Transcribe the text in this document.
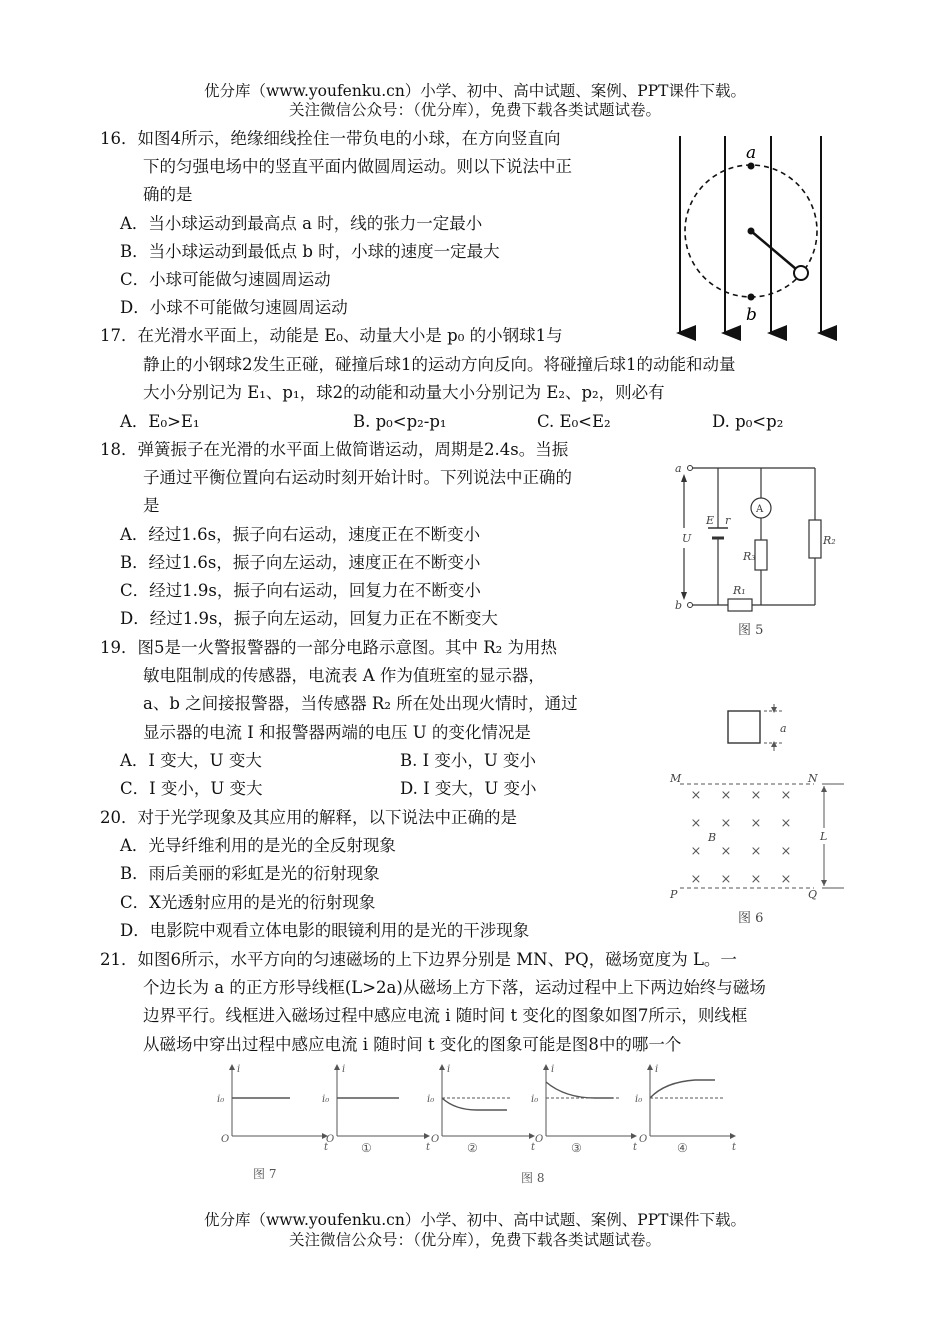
优分库（www.youfenku.cn）小学、初中、高中试题、案例、PPT课件下载。
关注微信公众号：（优分库），免费下载各类试题试卷。
16．如图4所示，绝缘细线拴住一带负电的小球，在方向竖直向
下的匀强电场中的竖直平面内做圆周运动。则以下说法中正
确的是
A．当小球运动到最高点 a 时，线的张力一定最小
B．当小球运动到最低点 b 时，小球的速度一定最大
C．小球可能做匀速圆周运动
D．小球不可能做匀速圆周运动
17．在光滑水平面上，动能是 E₀、动量大小是 p₀ 的小钢球1与
静止的小钢球2发生正碰，碰撞后球1的运动方向反向。将碰撞后球1的动能和动量
大小分别记为 E₁、p₁，球2的动能和动量大小分别记为 E₂、p₂，则必有
A．E₀>E₁	B. p₀<p₂-p₁	C. E₀<E₂	D. p₀<p₂
18．弹簧振子在光滑的水平面上做简谐运动，周期是2.4s。当振
子通过平衡位置向右运动时刻开始计时。下列说法中正确的
是
A．经过1.6s，振子向右运动，速度正在不断变小
B．经过1.6s，振子向左运动，速度正在不断变小
C．经过1.9s，振子向右运动，回复力在不断变小
D．经过1.9s，振子向左运动，回复力正在不断变大
19．图5是一火警报警器的一部分电路示意图。其中 R₂ 为用热
敏电阻制成的传感器，电流表 A 作为值班室的显示器，
a、b 之间接报警器，当传感器 R₂ 所在处出现火情时，通过
显示器的电流 I 和报警器两端的电压 U 的变化情况是
A．I 变大，U 变大	B. I 变小，U 变小
C．I 变小，U 变大	D. I 变大，U 变小
20．对于光学现象及其应用的解释，以下说法中正确的是
A．光导纤维利用的是光的全反射现象
B．雨后美丽的彩虹是光的衍射现象
C．X光透射应用的是光的衍射现象
D．电影院中观看立体电影的眼镜利用的是光的干涉现象
21．如图6所示，水平方向的匀速磁场的上下边界分别是 MN、PQ，磁场宽度为 L。一
个边长为 a 的正方形导线框(L>2a)从磁场上方下落，运动过程中上下两边始终与磁场
边界平行。线框进入磁场过程中感应电流 i 随时间 t 变化的图象如图7所示，则线框
从磁场中穿出过程中感应电流 i 随时间 t 变化的图象可能是图8中的哪一个
a
b
a
b
U
E r
R₃
R₂
R₁
A
图 5
× × × ×
× × × ×
× × × ×
× × × ×
a
M	N
P	Q
B	L
图 6
i
t
O
i₀
i
t
O
i₀
i
t
O
i₀
i
t
O
i₀
i
t
O
i₀
①	②	③	④
图 7	图 8
优分库（www.youfenku.cn）小学、初中、高中试题、案例、PPT课件下载。
关注微信公众号：（优分库），免费下载各类试题试卷。
